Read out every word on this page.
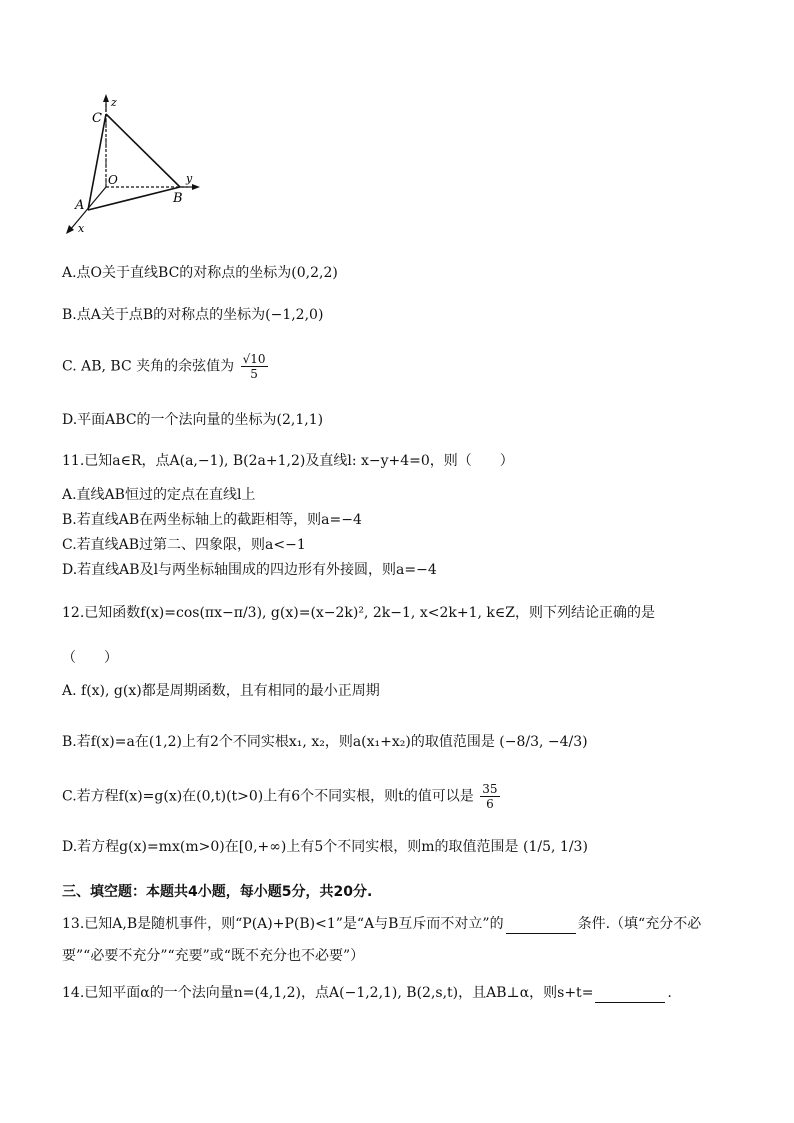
z
C
O	y
A	B
x
A.点O关于直线BC的对称点的坐标为(0,2,2)
B.点A关于点B的对称点的坐标为(−1,2,0)
C. AB, BC 夹角的余弦值为 $\frac{√10}{5}$
D.平面ABC的一个法向量的坐标为(2,1,1)
11.已知a∈R，点A(a,−1), B(2a+1,2)及直线l: x−y+4=0，则（　　）
A.直线AB恒过的定点在直线l上
B.若直线AB在两坐标轴上的截距相等，则a=−4
C.若直线AB过第二、四象限，则a<−1
D.若直线AB及l与两坐标轴围成的四边形有外接圆，则a=−4
12.已知函数f(x)=cos(πx−π/3), g(x)=(x−2k)², 2k−1, x<2k+1, k∈Z，则下列结论正确的是
（　　）
A. f(x), g(x)都是周期函数，且有相同的最小正周期
B.若f(x)=a在(1,2)上有2个不同实根x₁, x₂，则a(x₁+x₂)的取值范围是 (−8/3, −4/3)
C.若方程f(x)=g(x)在(0,t)(t>0)上有6个不同实根，则t的值可以是 $\frac{35}{6}$
D.若方程g(x)=mx(m>0)在[0,+∞)上有5个不同实根，则m的取值范围是 (1/5, 1/3)
三、填空题：本题共4小题，每小题5分，共20分.
13.已知A,B是随机事件，则“P(A)+P(B)<1”是“A与B互斥而不对立”的	条件.（填“充分不必
要”“必要不充分”“充要”或“既不充分也不必要”）
14.已知平面α的一个法向量n=(4,1,2)，点A(−1,2,1), B(2,s,t)，且AB⊥α，则s+t=	.
